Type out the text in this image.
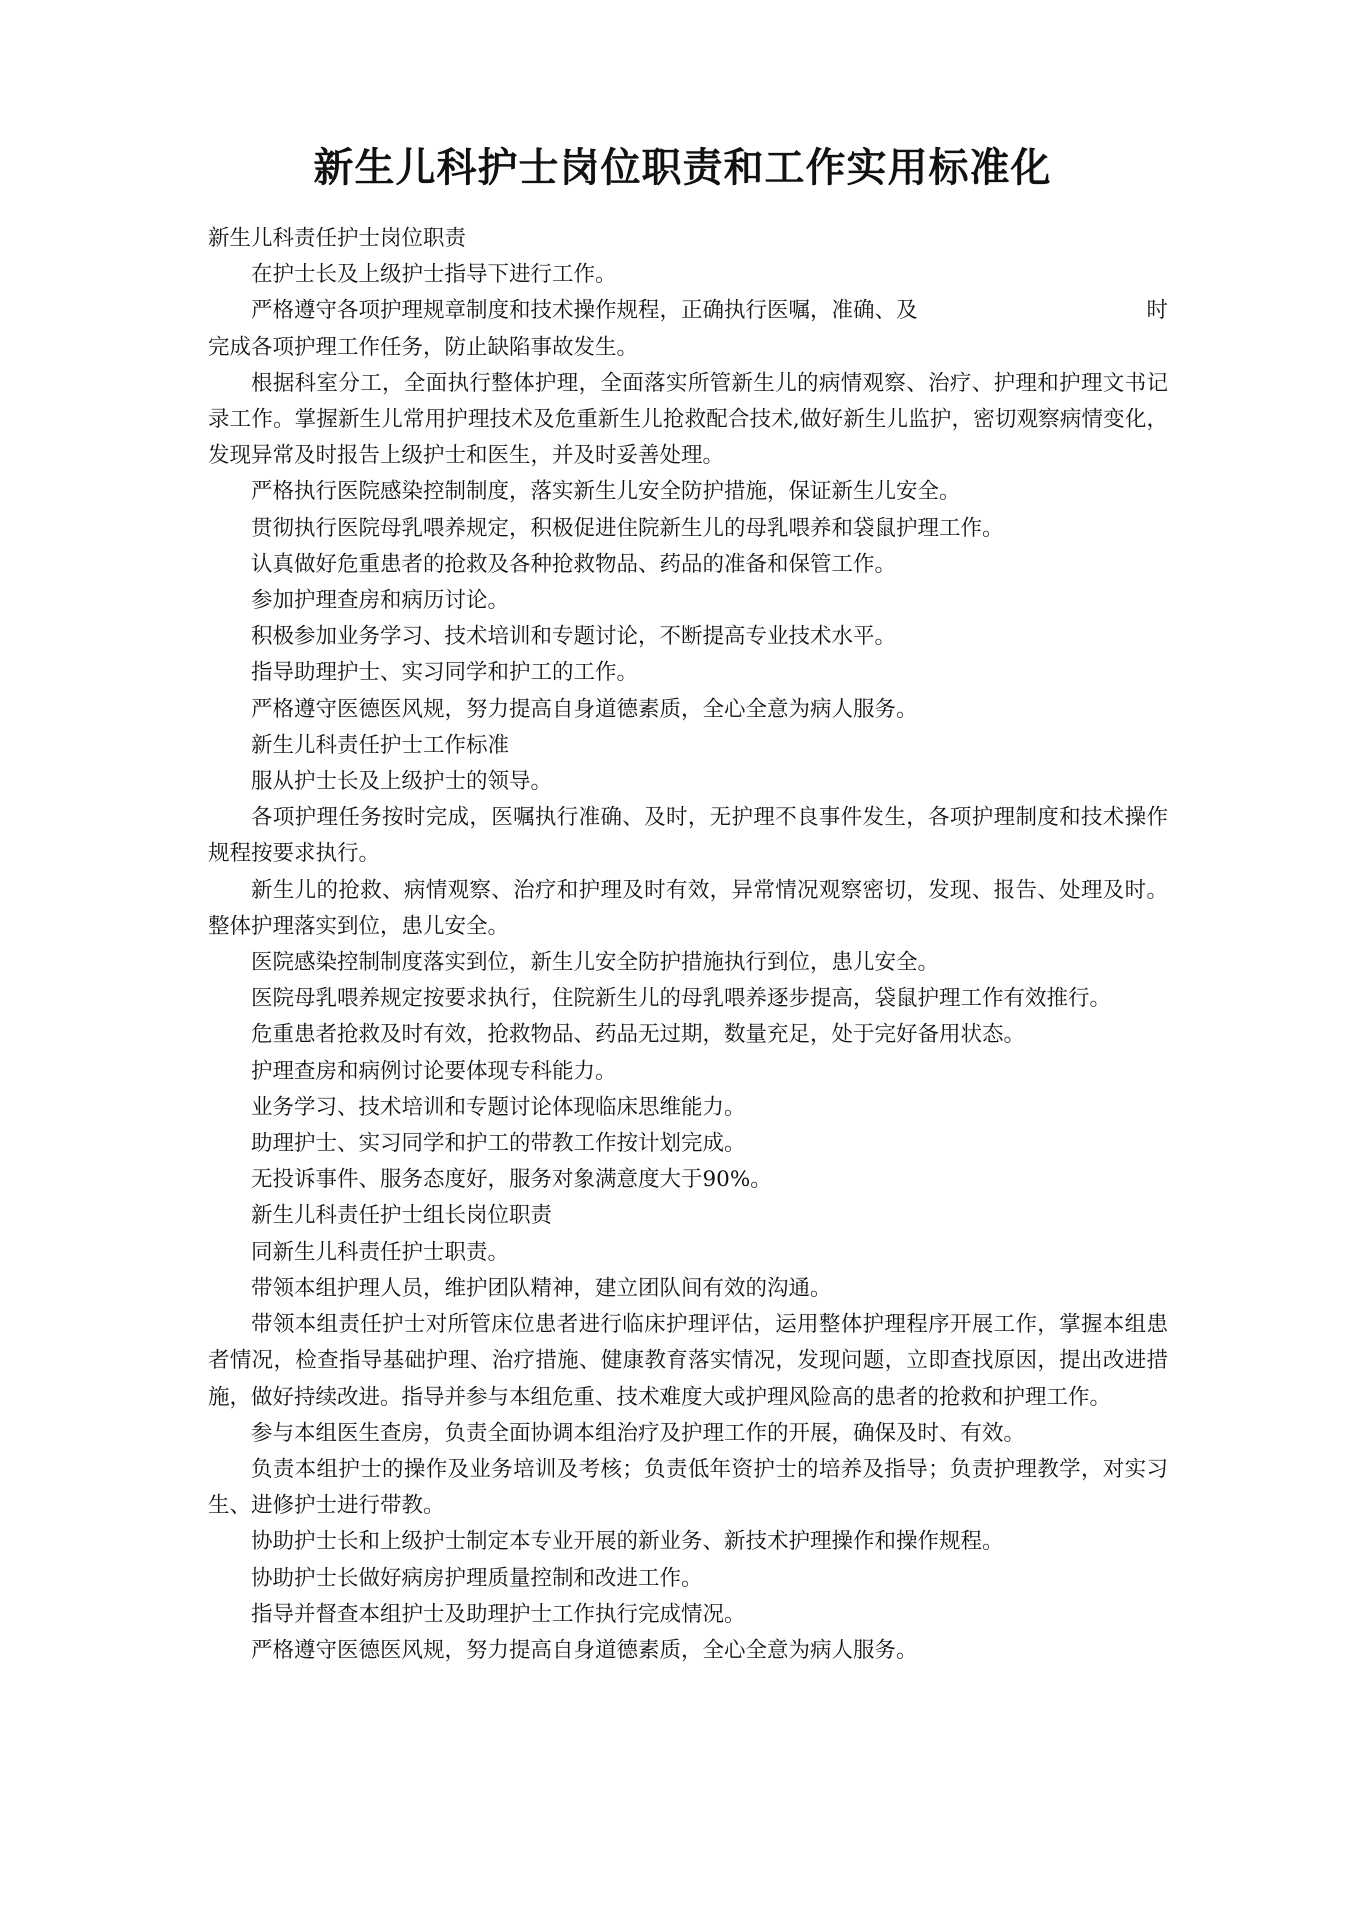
新生儿科护士岗位职责和工作实用标准化

新生儿科责任护士岗位职责

在护士长及上级护士指导下进行工作。

严格遵守各项护理规章制度和技术操作规程，正确执行医嘱，准确、及	时
完成各项护理工作任务，防止缺陷事故发生。

根据科室分工，全面执行整体护理，全面落实所管新生儿的病情观察、治疗、护理和护理文书记录工作。掌握新生儿常用护理技术及危重新生儿抢救配合技术,做好新生儿监护，密切观察病情变化，发现异常及时报告上级护士和医生，并及时妥善处理。

严格执行医院感染控制制度，落实新生儿安全防护措施，保证新生儿安全。

贯彻执行医院母乳喂养规定，积极促进住院新生儿的母乳喂养和袋鼠护理工作。

认真做好危重患者的抢救及各种抢救物品、药品的准备和保管工作。

参加护理查房和病历讨论。

积极参加业务学习、技术培训和专题讨论，不断提高专业技术水平。

指导助理护士、实习同学和护工的工作。

严格遵守医德医风规，努力提高自身道德素质，全心全意为病人服务。

新生儿科责任护士工作标准

服从护士长及上级护士的领导。

各项护理任务按时完成，医嘱执行准确、及时，无护理不良事件发生，各项护理制度和技术操作规程按要求执行。

新生儿的抢救、病情观察、治疗和护理及时有效，异常情况观察密切，发现、报告、处理及时。整体护理落实到位，患儿安全。

医院感染控制制度落实到位，新生儿安全防护措施执行到位，患儿安全。

医院母乳喂养规定按要求执行，住院新生儿的母乳喂养逐步提高，袋鼠护理工作有效推行。

危重患者抢救及时有效，抢救物品、药品无过期，数量充足，处于完好备用状态。

护理查房和病例讨论要体现专科能力。

业务学习、技术培训和专题讨论体现临床思维能力。

助理护士、实习同学和护工的带教工作按计划完成。

无投诉事件、服务态度好，服务对象满意度大于90%。

新生儿科责任护士组长岗位职责

同新生儿科责任护士职责。

带领本组护理人员，维护团队精神，建立团队间有效的沟通。

带领本组责任护士对所管床位患者进行临床护理评估，运用整体护理程序开展工作，掌握本组患者情况，检查指导基础护理、治疗措施、健康教育落实情况，发现问题，立即查找原因，提出改进措施，做好持续改进。指导并参与本组危重、技术难度大或护理风险高的患者的抢救和护理工作。

参与本组医生查房，负责全面协调本组治疗及护理工作的开展，确保及时、有效。

负责本组护士的操作及业务培训及考核；负责低年资护士的培养及指导；负责护理教学，对实习生、进修护士进行带教。

协助护士长和上级护士制定本专业开展的新业务、新技术护理操作和操作规程。

协助护士长做好病房护理质量控制和改进工作。

指导并督查本组护士及助理护士工作执行完成情况。

严格遵守医德医风规，努力提高自身道德素质，全心全意为病人服务。
